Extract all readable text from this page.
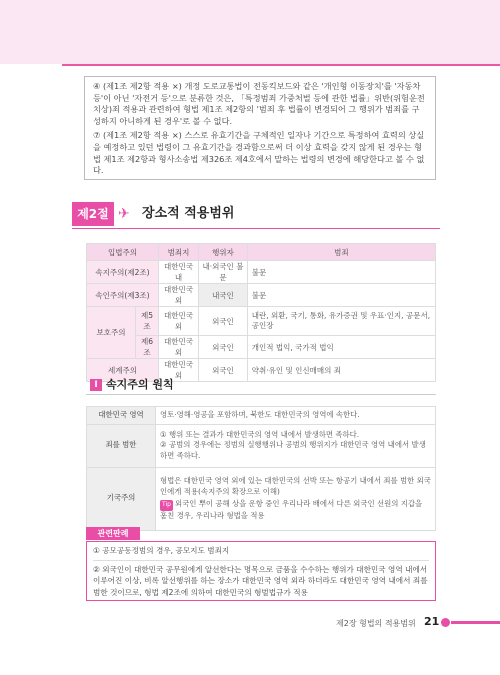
④ (제1조 제2항 적용 ×) 개정 도로교통법이 전동킥보드와 같은 '개인형 이동장치'를 '자동차 등'이 아닌 '자전거 등'으로 분류한 것은, 「특정범죄 가중처벌 등에 관한 법률」위반(위험운전치상)죄 적용과 관련하여 형법 제1조 제2항의 '범죄 후 법률이 변경되어 그 행위가 범죄를 구성하지 아니하게 된 경우'로 볼 수 없다.
⑦ (제1조 제2항 적용 ×) 스스로 유효기간을 구체적인 일자나 기간으로 특정하여 효력의 상실을 예정하고 있던 법령이 그 유효기간을 경과함으로써 더 이상 효력을 갖지 않게 된 경우는 형법 제1조 제2항과 형사소송법 제326조 제4호에서 말하는 법령의 변경에 해당한다고 볼 수 없다.
제2절 ✈ 장소적 적용범위
입법주의		범죄지	행위자	범죄
속지주의(제2조)		대한민국 내	내·외국인 불문	불문
속인주의(제3조)		대한민국 외	내국인	불문
보호주의	제5조	대한민국 외	외국인	내란, 외환, 국기, 통화, 유가증권 및 우표·인지, 공문서, 공인장
	제6조	대한민국 외	외국인	개인적 법익, 국가적 법익
세계주의		대한민국 외	외국인	약취·유인 및 인신매매의 죄
I 속지주의 원칙
대한민국 영역	영토·영해·영공을 포함하며, 북한도 대한민국의 영역에 속한다.
죄를 범한	① 행위 또는 결과가 대한민국의 영역 내에서 발생하면 족하다.
② 공범의 경우에는 정범의 실행행위나 공범의 행위지가 대한민국 영역 내에서 발생하면 족하다.

기국주의	형법은 대한민국 영역 외에 있는 대한민국의 선박 또는 항공기 내에서 죄를 범한 외국인에게 적용(속지주의 확장으로 이해)
Tip 외국인 뿌이 공해 상을 운항 중인 우리나라 배에서 다른 외국인 선원의 지갑을 훔친 경우, 우리나라 형법을 적용
관련판례
① 공모공동정범의 경우, 공모지도 범죄지
② 외국인이 대한민국 공무원에게 알선한다는 명목으로 금품을 수수하는 행위가 대한민국 영역 내에서 이루어진 이상, 비록 알선행위를 하는 장소가 대한민국 영역 외라 하더라도 대한민국 영역 내에서 죄를 범한 것이므로, 형법 제2조에 의하여 대한민국의 형벌법규가 적용
제2장 형법의 적용범위 21
